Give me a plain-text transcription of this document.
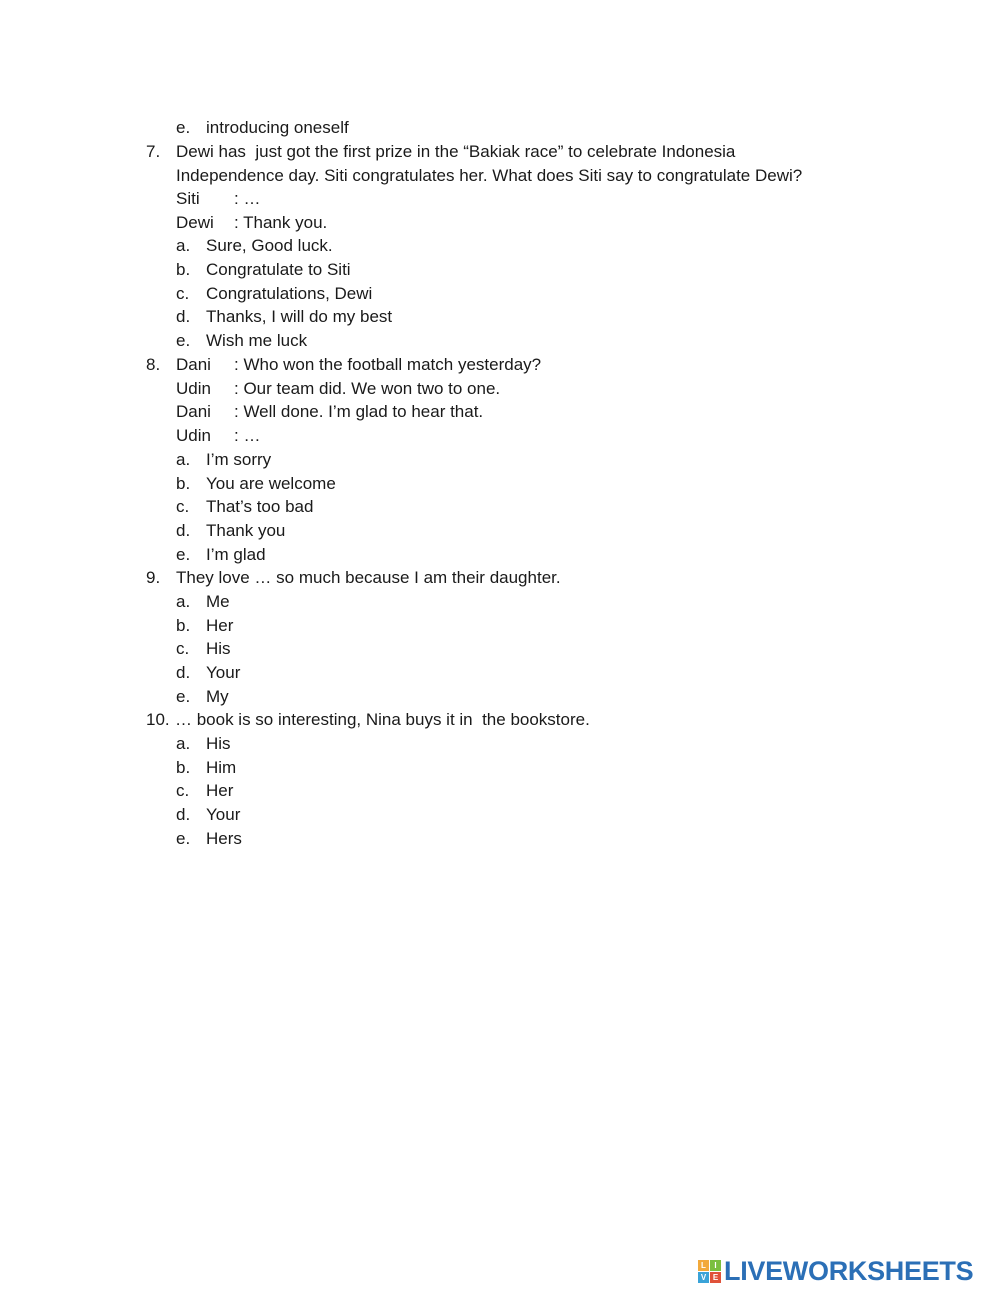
e. introducing oneself
7. Dewi has  just got the first prize in the “Bakiak race” to celebrate Indonesia
Independence day. Siti congratulates her. What does Siti say to congratulate Dewi?
Siti : …
Dewi : Thank you.
a. Sure, Good luck.
b. Congratulate to Siti
c. Congratulations, Dewi
d. Thanks, I will do my best
e. Wish me luck
8. Dani : Who won the football match yesterday?
Udin : Our team did. We won two to one.
Dani : Well done. I’m glad to hear that.
Udin : …
a. I’m sorry
b. You are welcome
c. That’s too bad
d. Thank you
e. I’m glad
9. They love … so much because I am their daughter.
a. Me
b. Her
c. His
d. Your
e. My
10. … book is so interesting, Nina buys it in  the bookstore.
a. His
b. Him
c. Her
d. Your
e. Hers
L	I
V E LIVEWORKSHEETS
